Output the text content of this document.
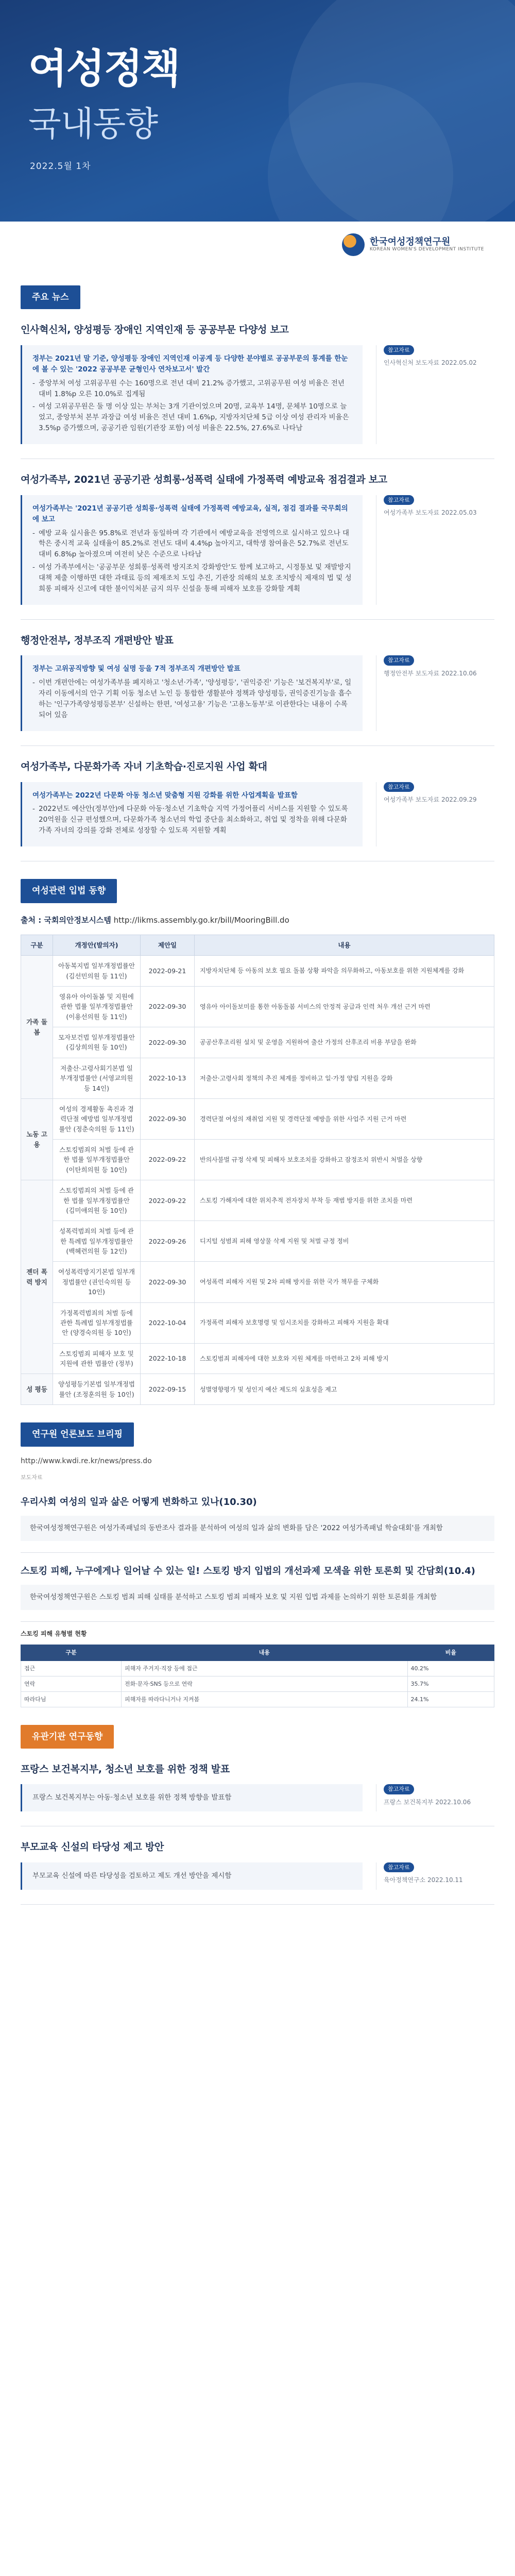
여성정책
국내동향
2022.5월 1차
한국여성정책연구원
KOREAN WOMEN'S DEVELOPMENT INSTITUTE
주요 뉴스
인사혁신처, 양성평등 장애인 지역인재 등 공공부문 다양성 보고

정부는 2021년 말 기준, 양성평등 장애인 지역인재 이공계 등 다양한 분야별로 공공부문의 통계를 한눈에 볼 수 있는 '2022 공공부문 균형인사 연차보고서' 발간

- 중앙부처 여성 고위공무원 수는 160명으로 전년 대비 21.2% 증가했고, 고위공무원 여성 비율은 전년 대비 1.8%p 오른 10.0%로 집계됨
- 여성 고위공무원은 둘 명 이상 있는 부처는 3개 기관이었으며 20명, 교육부 14명, 문체부 10명으로 늘었고, 중앙부처 본부 과장급 여성 비율은 전년 대비 1.6%p, 지방자치단체 5급 이상 여성 관리자 비율은 3.5%p 증가했으며, 공공기관 임원(기관장 포함) 여성 비율은 22.5%, 27.6%로 나타남
참고자료
인사혁신처 보도자료 2022.05.02
여성가족부, 2021년 공공기관 성희롱·성폭력 실태에 가정폭력 예방교육 점검결과 보고

여성가족부는 '2021년 공공기관 성희롱·성폭력 실태에 가정폭력 예방교육, 실적, 점검 결과를 국무회의에 보고

- 예방 교육 실시율은 95.8%로 전년과 동일하며 각 기관에서 예방교육을 전영역으로 실시하고 있으나 대학은 중시적 교육 실태율이 85.2%로 전년도 대비 4.4%p 높아지고, 대학생 참여율은 52.7%로 전년도 대비 6.8%p 높아졌으며 여전히 낮은 수준으로 나타남
- 여성 가족부에서는 '공공부문 성희롱·성폭력 방지조치 강화방안'도 함께 보고하고, 시정통보 및 재발방지대책 제출 이행하면 대한 과태료 등의 제재조치 도입 추진, 기관장 의해의 보호 조치방식 제재의 법 및 성희롱 피해자 신고에 대한 불이익처분 금지 의무 신설을 통해 피해자 보호를 강화할 계획
참고자료
여성가족부 보도자료 2022.05.03
행정안전부, 정부조직 개편방안 발표

정부는 고위공직방향 및 여성 실명 등을 7적 정부조직 개편방안 발표

- 이번 개편안에는 여성가족부를 폐지하고 '청소년·가족', '양성평등', '권익증진' 기능은 '보건복지부'로, 일자리 이동에서의 안구 기획 이동 청소년 노인 등 통합한 생활분야 정책과 양성평등, 권익증진기능을 흡수하는 '인구가족양성평등본부' 신설하는 한편, '여성고용' 기능은 '고용노동부'로 이관한다는 내용이 수록되어 있음
참고자료
행정안전부 보도자료 2022.10.06
여성가족부, 다문화가족 자녀 기초학습·진로지원 사업 확대

여성가족부는 2022년 다문화 아동 청소년 맞춤형 지원 강화를 위한 사업계획을 발표함

- 2022년도 예산안(정부안)에 다문화 아동·청소년 기초학습 지역 가정어플리 서비스를 지원할 수 있도록 20억원을 신규 편성했으며, 다문화가족 청소년의 학업 중단을 최소화하고, 취업 및 정착을 위해 다문화가족 자녀의 강의를 강화 전체로 성장할 수 있도록 지원할 계획
참고자료
여성가족부 보도자료 2022.09.29
여성관련 입법 동향
출처 : 국회의안정보시스템 http://likms.assembly.go.kr/bill/MooringBill.do
구분	개정안(발의자)	제안일	내용
가족 돌봄	아동복지법 일부개정법률안 (김선민의원 등 11인)	2022-09-21	지방자치단체 등 아동의 보호 필요 돌봄 상황 파악을 의무화하고, 아동보호를 위한 지원체계를 강화
	영유아 아이돌봄 및 지원에 관한 법률 일부개정법률안 (이용선의원 등 11인)	2022-09-30	영유아 아이돌보미를 통한 아동돌봄 서비스의 안정적 공급과 인력 처우 개선 근거 마련
	모자보건법 일부개정법률안 (김상희의원 등 10인)	2022-09-30	공공산후조리원 설치 및 운영을 지원하여 출산 가정의 산후조리 비용 부담을 완화
	저출산·고령사회기본법 일부개정법률안 (서영교의원 등 14인)	2022-10-13	저출산·고령사회 정책의 추진 체계를 정비하고 일·가정 양립 지원을 강화
노동 고용	여성의 경제활동 촉진과 경력단절 예방법 일부개정법률안 (정춘숙의원 등 11인)	2022-09-30	경력단절 여성의 재취업 지원 및 경력단절 예방을 위한 사업주 지원 근거 마련
	스토킹범죄의 처벌 등에 관한 법률 일부개정법률안 (이탄희의원 등 10인)	2022-09-22	반의사불벌 규정 삭제 및 피해자 보호조치를 강화하고 잠정조치 위반시 처벌을 상향
젠더 폭력 방지	스토킹범죄의 처벌 등에 관한 법률 일부개정법률안 (김미애의원 등 10인)	2022-09-22	스토킹 가해자에 대한 위치추적 전자장치 부착 등 재범 방지를 위한 조치를 마련
	성폭력범죄의 처벌 등에 관한 특례법 일부개정법률안 (백혜련의원 등 12인)	2022-09-26	디지털 성범죄 피해 영상물 삭제 지원 및 처벌 규정 정비
	여성폭력방지기본법 일부개정법률안 (권인숙의원 등 10인)	2022-09-30	여성폭력 피해자 지원 및 2차 피해 방지를 위한 국가 책무를 구체화
	가정폭력범죄의 처벌 등에 관한 특례법 일부개정법률안 (양경숙의원 등 10인)	2022-10-04	가정폭력 피해자 보호명령 및 임시조치를 강화하고 피해자 지원을 확대
	스토킹범죄 피해자 보호 및 지원에 관한 법률안 (정부)	2022-10-18	스토킹범죄 피해자에 대한 보호와 지원 체계를 마련하고 2차 피해 방지
성 평등	양성평등기본법 일부개정법률안 (조정훈의원 등 10인)	2022-09-15	성별영향평가 및 성인지 예산 제도의 실효성을 제고
연구원 언론보도 브리핑
http://www.kwdi.re.kr/news/press.do
보도자료
우리사회 여성의 일과 삶은 어떻게 변화하고 있나(10.30)
한국여성정책연구원은 여성가족패널의 동반조사 결과를 분석하여 여성의 일과 삶의 변화를 담은 '2022 여성가족패널 학술대회'를 개최함
스토킹 피해, 누구에게나 일어날 수 있는 일! 스토킹 방지 입법의 개선과제 모색을 위한 토론회 및 간담회(10.4)
한국여성정책연구원은 스토킹 범죄 피해 실태를 분석하고 스토킹 범죄 피해자 보호 및 지원 입법 과제를 논의하기 위한 토론회를 개최함
스토킹 피해 유형별 현황
구분	내용	비율
접근	피해자 주거지·직장 등에 접근	40.2%
연락	전화·문자·SNS 등으로 연락	35.7%
따라다님	피해자를 따라다니거나 지켜봄	24.1%
유관기관 연구동향
프랑스 보건복지부, 청소년 보호를 위한 정책 발표
프랑스 보건복지부는 아동·청소년 보호를 위한 정책 방향을 발표함
참고자료
프랑스 보건복지부 2022.10.06
부모교육 신설의 타당성 제고 방안
부모교육 신설에 따른 타당성을 검토하고 제도 개선 방안을 제시함
참고자료
육아정책연구소 2022.10.11
